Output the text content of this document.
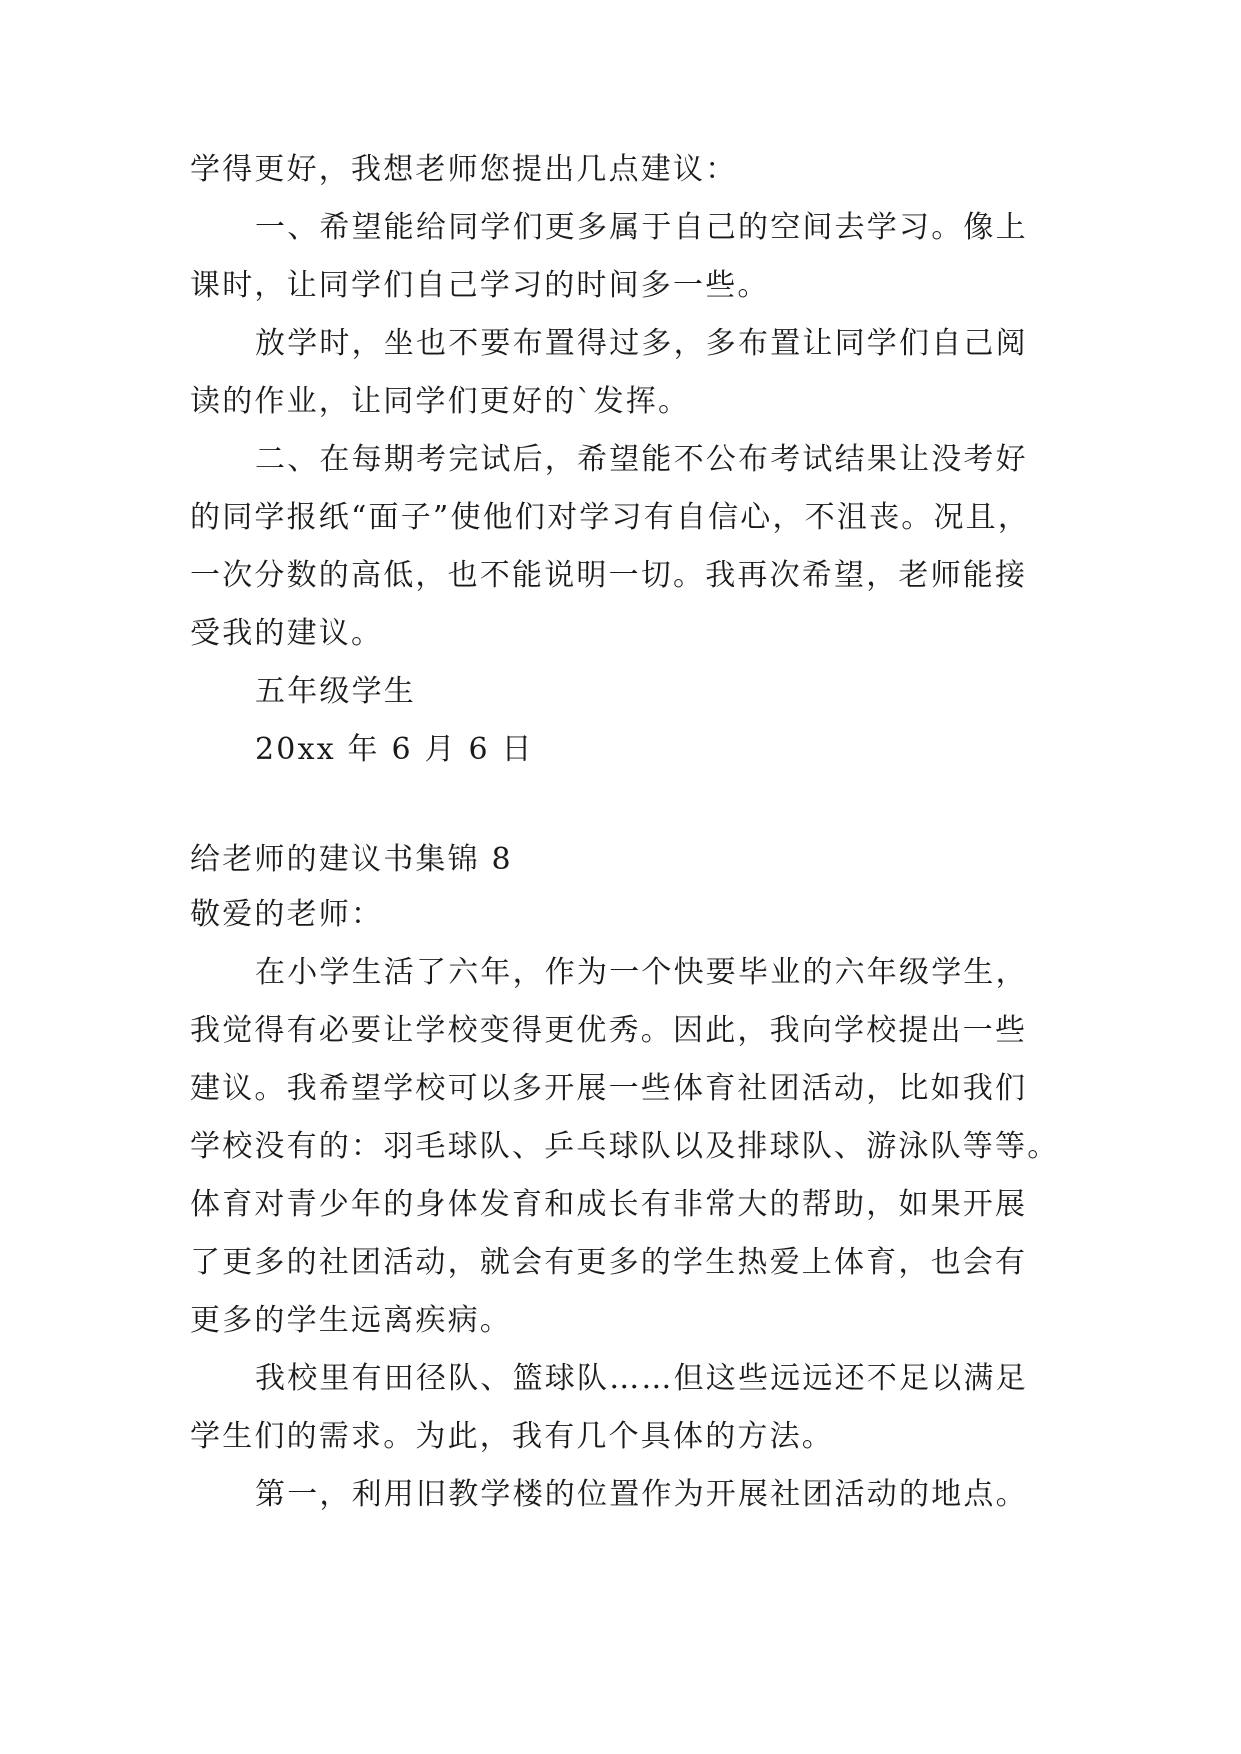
学得更好，我想老师您提出几点建议：
一、希望能给同学们更多属于自己的空间去学习。像上
课时，让同学们自己学习的时间多一些。
放学时，坐也不要布置得过多，多布置让同学们自己阅
读的作业，让同学们更好的`发挥。
二、在每期考完试后，希望能不公布考试结果让没考好
的同学报纸“面子”使他们对学习有自信心，不沮丧。况且，
一次分数的高低，也不能说明一切。我再次希望，老师能接
受我的建议。
五年级学生
20xx 年 6 月 6 日
给老师的建议书集锦 8
敬爱的老师：
在小学生活了六年，作为一个快要毕业的六年级学生，
我觉得有必要让学校变得更优秀。因此，我向学校提出一些
建议。我希望学校可以多开展一些体育社团活动，比如我们
学校没有的：羽毛球队、乒乓球队以及排球队、游泳队等等。
体育对青少年的身体发育和成长有非常大的帮助，如果开展
了更多的社团活动，就会有更多的学生热爱上体育，也会有
更多的学生远离疾病。
我校里有田径队、篮球队……但这些远远还不足以满足
学生们的需求。为此，我有几个具体的方法。
第一，利用旧教学楼的位置作为开展社团活动的地点。
